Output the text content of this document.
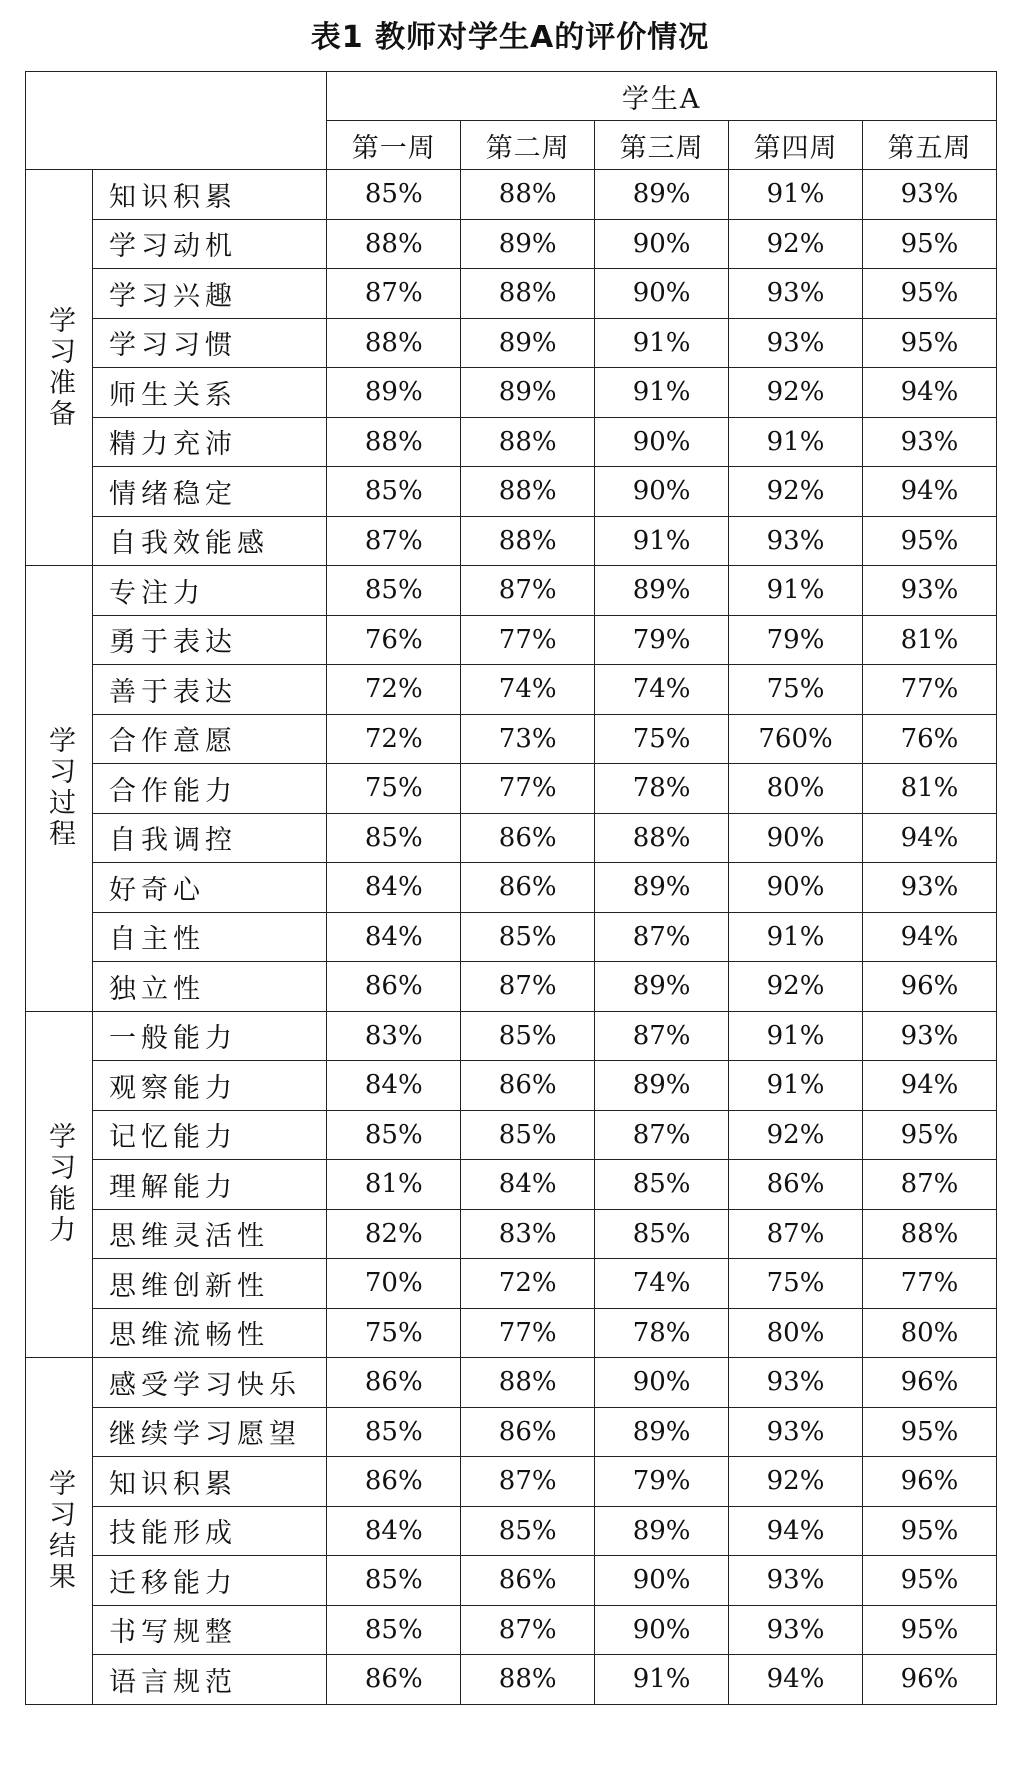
表1 教师对学生A的评价情况
		学生A				
		第一周	第二周	第三周	第四周	第五周
学习准备	知识积累	85%	88%	89%	91%	93%
	学习动机	88%	89%	90%	92%	95%
	学习兴趣	87%	88%	90%	93%	95%
	学习习惯	88%	89%	91%	93%	95%
	师生关系	89%	89%	91%	92%	94%
	精力充沛	88%	88%	90%	91%	93%
	情绪稳定	85%	88%	90%	92%	94%
	自我效能感	87%	88%	91%	93%	95%
学习过程	专注力	85%	87%	89%	91%	93%
	勇于表达	76%	77%	79%	79%	81%
	善于表达	72%	74%	74%	75%	77%
	合作意愿	72%	73%	75%	760%	76%
	合作能力	75%	77%	78%	80%	81%
	自我调控	85%	86%	88%	90%	94%
	好奇心	84%	86%	89%	90%	93%
	自主性	84%	85%	87%	91%	94%
	独立性	86%	87%	89%	92%	96%
学习能力	一般能力	83%	85%	87%	91%	93%
	观察能力	84%	86%	89%	91%	94%
	记忆能力	85%	85%	87%	92%	95%
	理解能力	81%	84%	85%	86%	87%
	思维灵活性	82%	83%	85%	87%	88%
	思维创新性	70%	72%	74%	75%	77%
	思维流畅性	75%	77%	78%	80%	80%
学习结果	感受学习快乐	86%	88%	90%	93%	96%
	继续学习愿望	85%	86%	89%	93%	95%
	知识积累	86%	87%	79%	92%	96%
	技能形成	84%	85%	89%	94%	95%
	迁移能力	85%	86%	90%	93%	95%
	书写规整	85%	87%	90%	93%	95%
	语言规范	86%	88%	91%	94%	96%
